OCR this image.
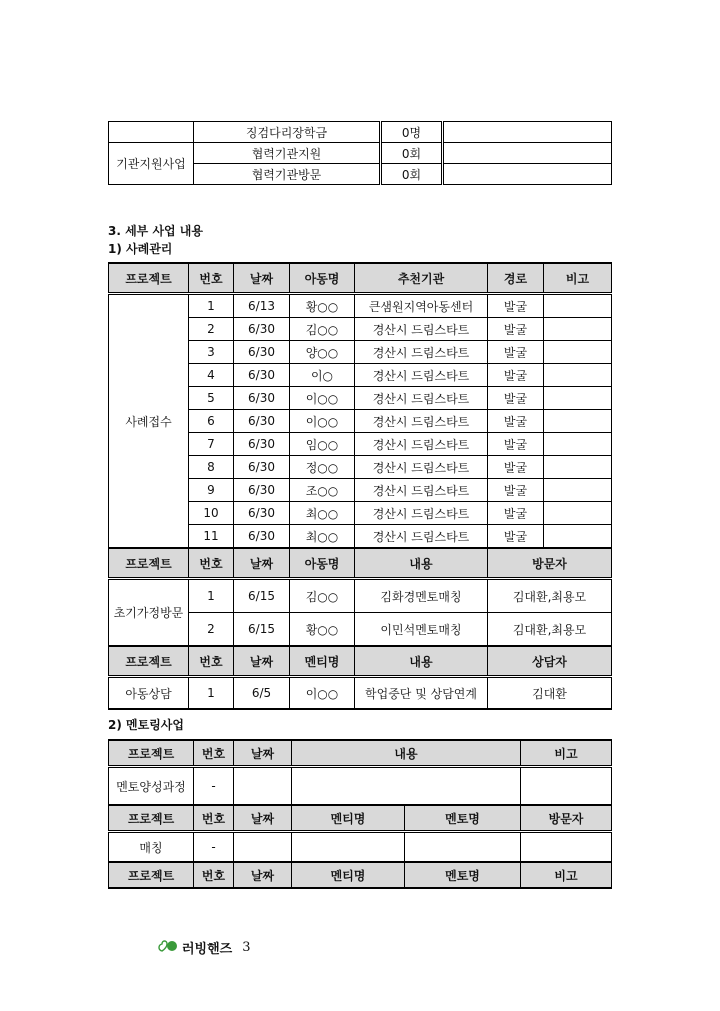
	징검다리장학금	0명	
기관지원사업	협력기관지원	0회	
	협력기관방문	0회	

3. 세부 사업 내용

1) 사례관리

프로젝트	번호	날짜	아동명	추천기관	경로	비고
사례접수	1	6/13	황○○	큰샘원지역아동센터	발굴	
	2	6/30	김○○	경산시 드림스타트	발굴	
	3	6/30	양○○	경산시 드림스타트	발굴	
	4	6/30	이○	경산시 드림스타트	발굴	
	5	6/30	이○○	경산시 드림스타트	발굴	
	6	6/30	이○○	경산시 드림스타트	발굴	
	7	6/30	임○○	경산시 드림스타트	발굴	
	8	6/30	정○○	경산시 드림스타트	발굴	
	9	6/30	조○○	경산시 드림스타트	발굴	
	10	6/30	최○○	경산시 드림스타트	발굴	
	11	6/30	최○○	경산시 드림스타트	발굴	
프로젝트	번호	날짜	아동명	내용	방문자	
초기가정방문	1	6/15	김○○	김화경멘토매칭	김대환,최용모	
	2	6/15	황○○	이민석멘토매칭	김대환,최용모	
프로젝트	번호	날짜	멘티명	내용	상담자	
아동상담	1	6/5	이○○	학업중단 및 상담연계	김대환	

2) 멘토링사업

프로젝트	번호	날짜	내용		비고
멘토양성과정	-				
프로젝트	번호	날짜	멘티명	멘토명	방문자
매칭	-				
프로젝트	번호	날짜	멘티명	멘토명	비고
러빙핸즈 3
